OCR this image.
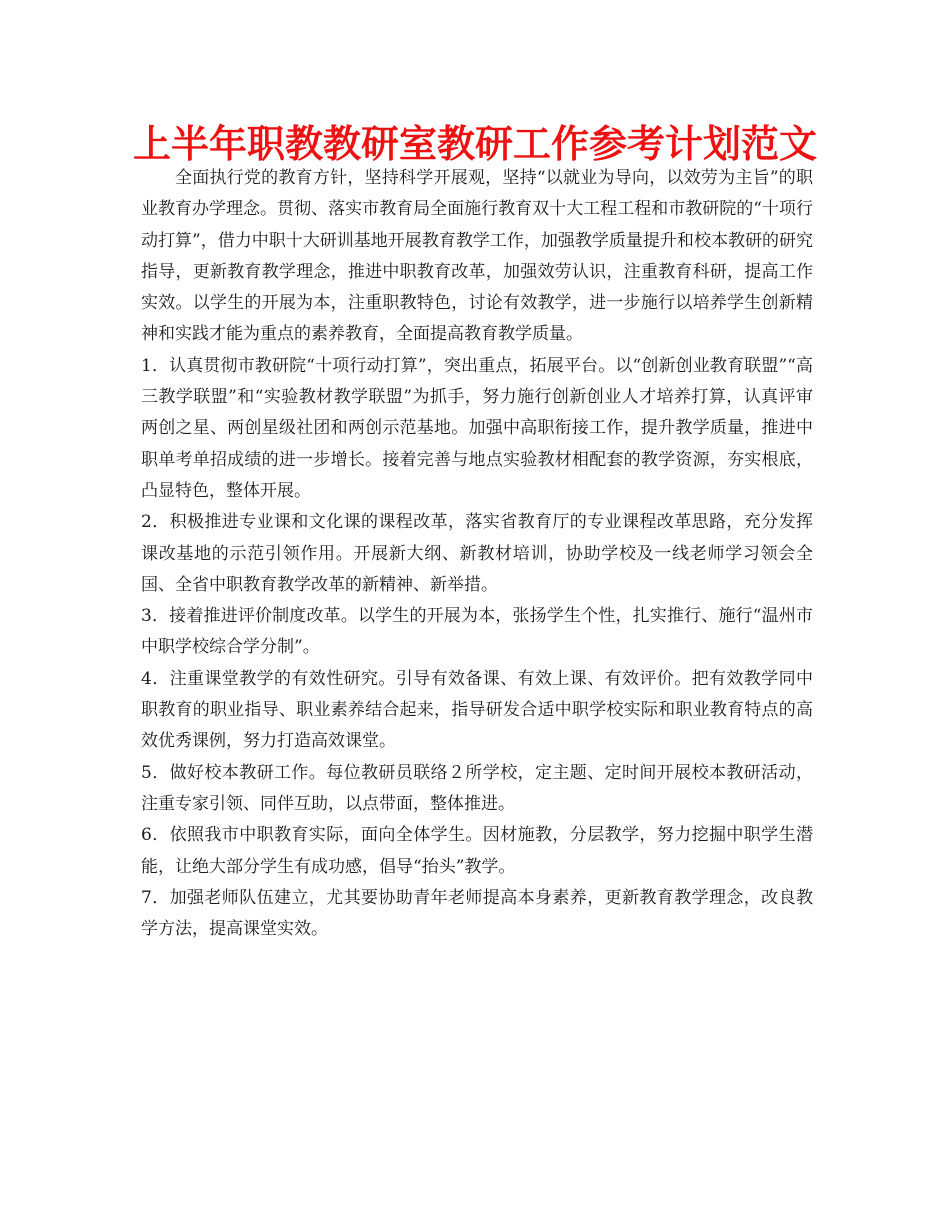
上半年职教教研室教研工作参考计划范文

全面执行党的教育方针，坚持科学开展观，坚持“以就业为导向，以效劳为主旨”的职业教育办学理念。贯彻、落实市教育局全面施行教育双十大工程工程和市教研院的“十项行动打算”，借力中职十大研训基地开展教育教学工作，加强教学质量提升和校本教研的研究指导，更新教育教学理念，推进中职教育改革，加强效劳认识，注重教育科研，提高工作实效。以学生的开展为本，注重职教特色，讨论有效教学，进一步施行以培养学生创新精神和实践才能为重点的素养教育，全面提高教育教学质量。

1．认真贯彻市教研院“十项行动打算”，突出重点，拓展平台。以“创新创业教育联盟”“高三教学联盟”和“实验教材教学联盟”为抓手，努力施行创新创业人才培养打算，认真评审两创之星、两创星级社团和两创示范基地。加强中高职衔接工作，提升教学质量，推进中职单考单招成绩的进一步增长。接着完善与地点实验教材相配套的教学资源，夯实根底，凸显特色，整体开展。

2．积极推进专业课和文化课的课程改革，落实省教育厅的专业课程改革思路，充分发挥课改基地的示范引领作用。开展新大纲、新教材培训，协助学校及一线老师学习领会全国、全省中职教育教学改革的新精神、新举措。

3．接着推进评价制度改革。以学生的开展为本，张扬学生个性，扎实推行、施行“温州市中职学校综合学分制”。

4．注重课堂教学的有效性研究。引导有效备课、有效上课、有效评价。把有效教学同中职教育的职业指导、职业素养结合起来，指导研发合适中职学校实际和职业教育特点的高效优秀课例，努力打造高效课堂。

5．做好校本教研工作。每位教研员联络２所学校，定主题、定时间开展校本教研活动，注重专家引领、同伴互助，以点带面，整体推进。

6．依照我市中职教育实际，面向全体学生。因材施教，分层教学，努力挖掘中职学生潜能，让绝大部分学生有成功感，倡导“抬头”教学。

7．加强老师队伍建立，尤其要协助青年老师提高本身素养，更新教育教学理念，改良教学方法，提高课堂实效。
